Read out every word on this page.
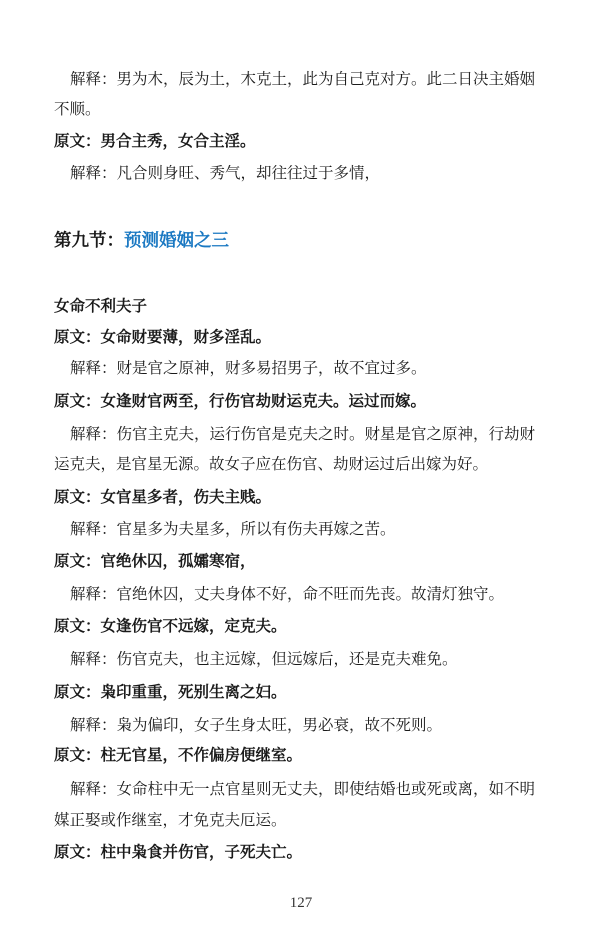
解释：男为木，辰为土，木克土，此为自己克对方。此二日决主婚姻
不顺。
原文：男合主秀，女合主淫。
解释：凡合则身旺、秀气，却往往过于多情，
第九节：预测婚姻之三
女命不利夫子
原文：女命财要薄，财多淫乱。
解释：财是官之原神，财多易招男子，故不宜过多。
原文：女逢财官两至，行伤官劫财运克夫。运过而嫁。
解释：伤官主克夫，运行伤官是克夫之时。财星是官之原神，行劫财
运克夫，是官星无源。故女子应在伤官、劫财运过后出嫁为好。
原文：女官星多者，伤夫主贱。
解释：官星多为夫星多，所以有伤夫再嫁之苦。
原文：官绝休囚，孤孀寒宿，
解释：官绝休囚，丈夫身体不好，命不旺而先丧。故清灯独守。
原文：女逢伤官不远嫁，定克夫。
解释：伤官克夫，也主远嫁，但远嫁后，还是克夫难免。
原文：枭印重重，死别生离之妇。
解释：枭为偏印，女子生身太旺，男必衰，故不死则。
原文：柱无官星，不作偏房便继室。
解释：女命柱中无一点官星则无丈夫，即使结婚也或死或离，如不明
媒正娶或作继室，才免克夫厄运。
原文：柱中枭食并伤官，子死夫亡。
127
